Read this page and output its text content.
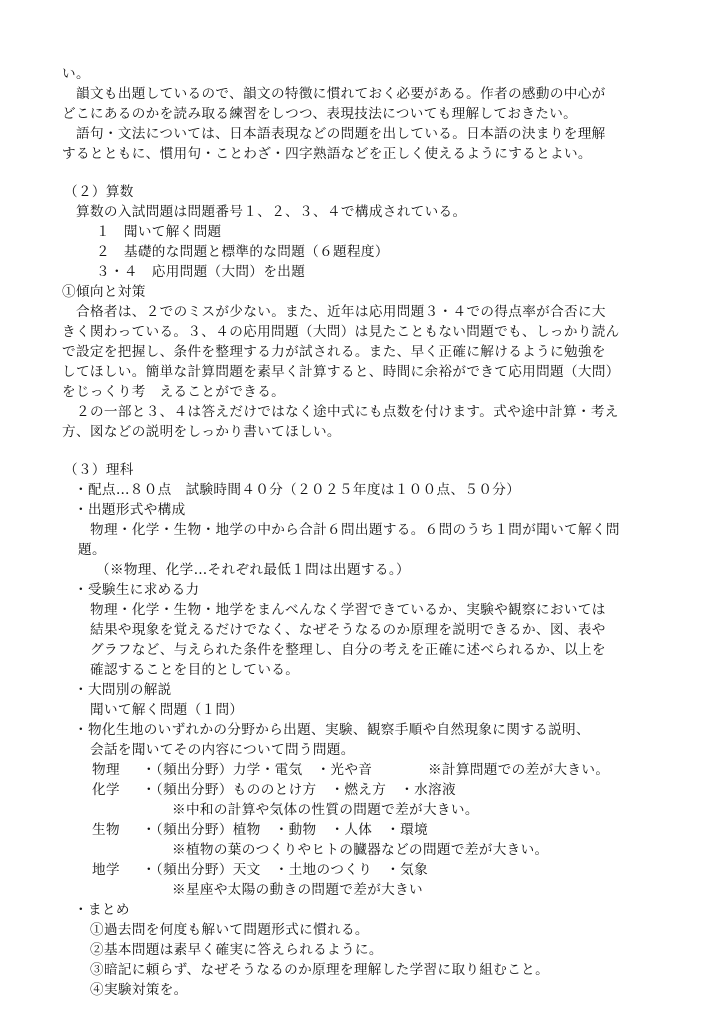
い。
韻文も出題しているので、韻文の特徴に慣れておく必要がある。作者の感動の中心が
どこにあるのかを読み取る練習をしつつ、表現技法についても理解しておきたい。
語句・文法については、日本語表現などの問題を出している。日本語の決まりを理解
するとともに、慣用句・ことわざ・四字熟語などを正しく使えるようにするとよい。
（２）算数
算数の入試問題は問題番号１、２、３、４で構成されている。
１　聞いて解く問題
２　基礎的な問題と標準的な問題（６題程度）
３・４　応用問題（大問）を出題
①傾向と対策
合格者は、２でのミスが少ない。また、近年は応用問題３・４での得点率が合否に大
きく関わっている。３、４の応用問題（大問）は見たこともない問題でも、しっかり読ん
で設定を把握し、条件を整理する力が試される。また、早く正確に解けるように勉強を
してほしい。簡単な計算問題を素早く計算すると、時間に余裕ができて応用問題（大問）
をじっくり考　えることができる。
２の一部と３、４は答えだけではなく途中式にも点数を付けます。式や途中計算・考え
方、図などの説明をしっかり書いてほしい。
（３）理科
・配点…８０点　試験時間４０分（２０２５年度は１００点、５０分）
・出題形式や構成
物理・化学・生物・地学の中から合計６問出題する。６問のうち１問が聞いて解く問
題。
（※物理、化学…それぞれ最低１問は出題する。）
・受験生に求める力
物理・化学・生物・地学をまんべんなく学習できているか、実験や観察においては
結果や現象を覚えるだけでなく、なぜそうなるのか原理を説明できるか、図、表や
グラフなど、与えられた条件を整理し、自分の考えを正確に述べられるか、以上を
確認することを目的としている。
・大問別の解説
聞いて解く問題（１問）
・物化生地のいずれかの分野から出題、実験、観察手順や自然現象に関する説明、
会話を聞いてその内容について問う問題。
物理 ・（頻出分野）力学・電気　・光や音	※計算問題での差が大きい。
化学 ・（頻出分野）もののとけ方　・燃え方　・水溶液
※中和の計算や気体の性質の問題で差が大きい。
生物 ・（頻出分野）植物　・動物　・人体　・環境
※植物の葉のつくりやヒトの臓器などの問題で差が大きい。
地学 ・（頻出分野）天文　・土地のつくり　・気象
※星座や太陽の動きの問題で差が大きい
・まとめ
①過去問を何度も解いて問題形式に慣れる。
②基本問題は素早く確実に答えられるように。
③暗記に頼らず、なぜそうなるのか原理を理解した学習に取り組むこと。
④実験対策を。
